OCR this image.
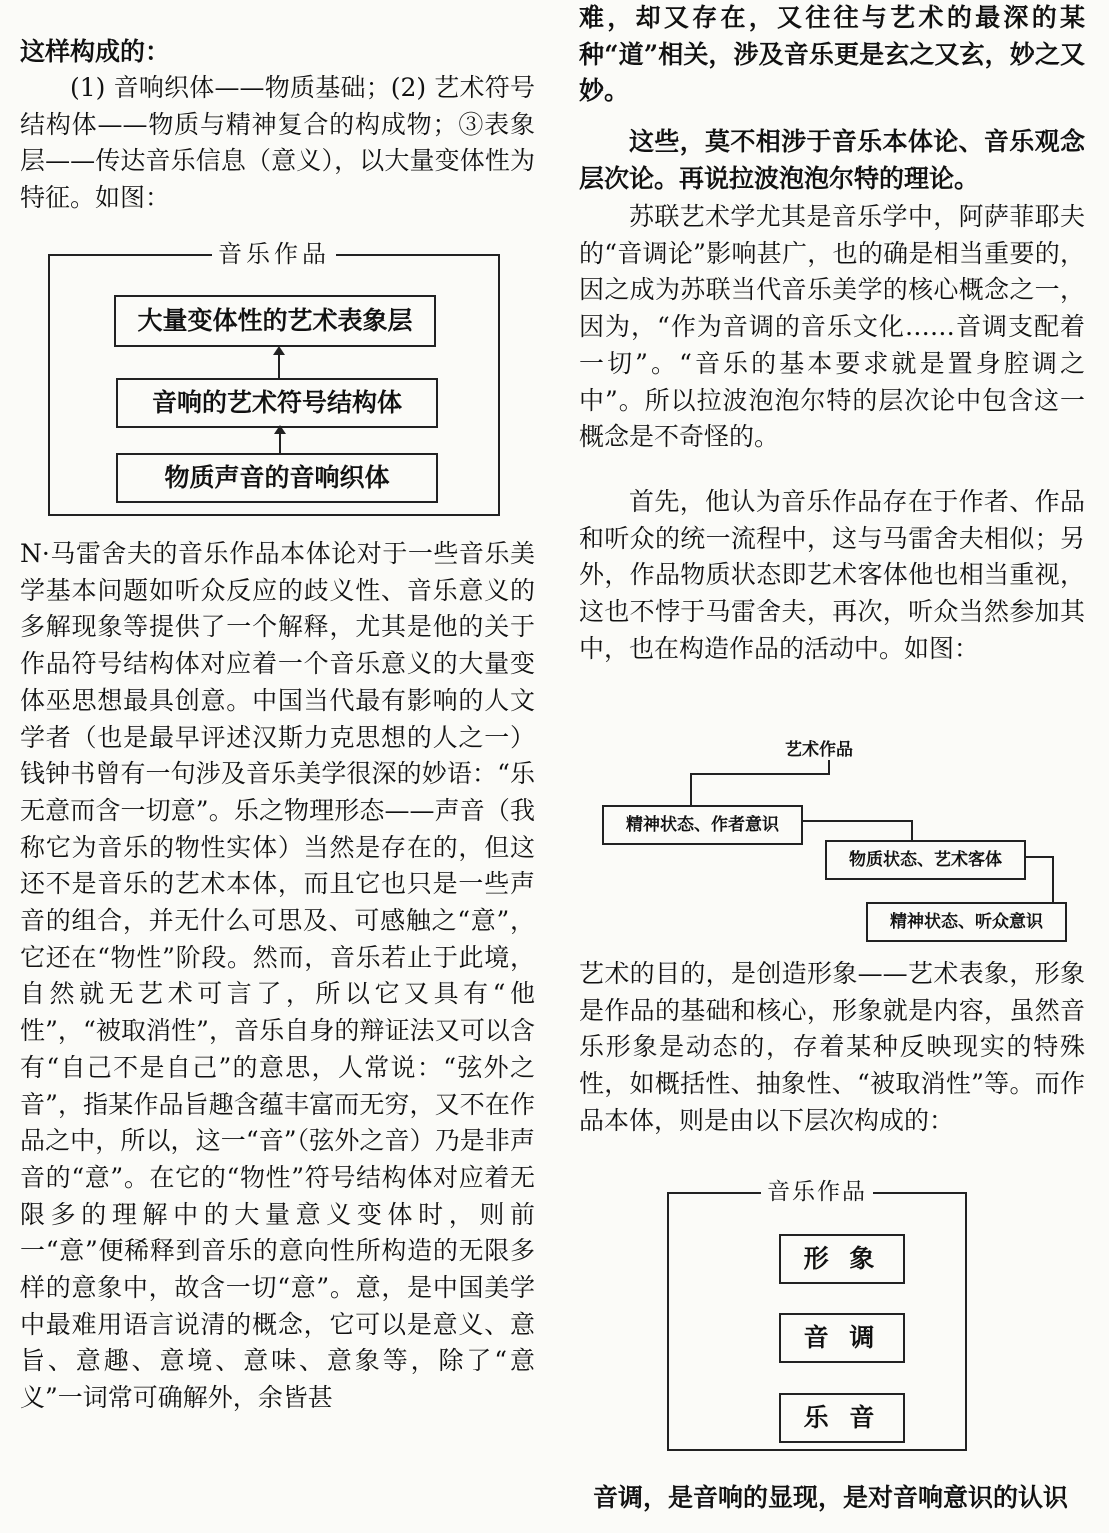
这样构成的：

(1) 音响织体——物质基础；(2) 艺术符号结构体——物质与精神复合的构成物；③表象层——传达音乐信息（意义），以大量变体性为特征。如图：

音乐作品
大量变体性的艺术表象层
音响的艺术符号结构体
物质声音的音响织体

N·马雷舍夫的音乐作品本体论对于一些音乐美学基本问题如听众反应的歧义性、音乐意义的多解现象等提供了一个解释，尤其是他的关于作品符号结构体对应着一个音乐意义的大量变体巫思想最具创意。中国当代最有影响的人文学者（也是最早评述汉斯力克思想的人之一）钱钟书曾有一句涉及音乐美学很深的妙语：“乐无意而含一切意”。乐之物理形态——声音（我称它为音乐的物性实体）当然是存在的，但这还不是音乐的艺术本体，而且它也只是一些声音的组合，并无什么可思及、可感触之“意”，它还在“物性”阶段。然而，音乐若止于此境，自然就无艺术可言了，所以它又具有“他性”，“被取消性”，音乐自身的辩证法又可以含有“自己不是自己”的意思，人常说：“弦外之音”，指某作品旨趣含蕴丰富而无穷，又不在作品之中，所以，这一“音”（弦外之音）乃是非声音的“意”。在它的“物性”符号结构体对应着无限多的理解中的大量意义变体时，则前一“意”便稀释到音乐的意向性所构造的无限多样的意象中，故含一切“意”。意，是中国美学中最难用语言说清的概念，它可以是意义、意旨、意趣、意境、意味、意象等，除了“意义”一词常可确解外，余皆甚

难，却又存在，又往往与艺术的最深的某种“道”相关，涉及音乐更是玄之又玄，妙之又妙。

这些，莫不相涉于音乐本体论、音乐观念层次论。再说拉波泡泡尔特的理论。

苏联艺术学尤其是音乐学中，阿萨菲耶夫的“音调论”影响甚广，也的确是相当重要的，因之成为苏联当代音乐美学的核心概念之一，因为，“作为音调的音乐文化……音调支配着一切”。“音乐的基本要求就是置身腔调之中”。所以拉波泡泡尔特的层次论中包含这一概念是不奇怪的。

首先，他认为音乐作品存在于作者、作品和听众的统一流程中，这与马雷舍夫相似；另外，作品物质状态即艺术客体他也相当重视，这也不悖于马雷舍夫，再次，听众当然参加其中，也在构造作品的活动中。如图：

艺术作品
精神状态、作者意识
物质状态、艺术客体
精神状态、听众意识

艺术的目的，是创造形象——艺术表象，形象是作品的基础和核心，形象就是内容，虽然音乐形象是动态的，存着某种反映现实的特殊性，如概括性、抽象性、“被取消性”等。而作品本体，则是由以下层次构成的：

音乐作品
形 象
音 调
乐 音

音调，是音响的显现，是对音响意识的认识
